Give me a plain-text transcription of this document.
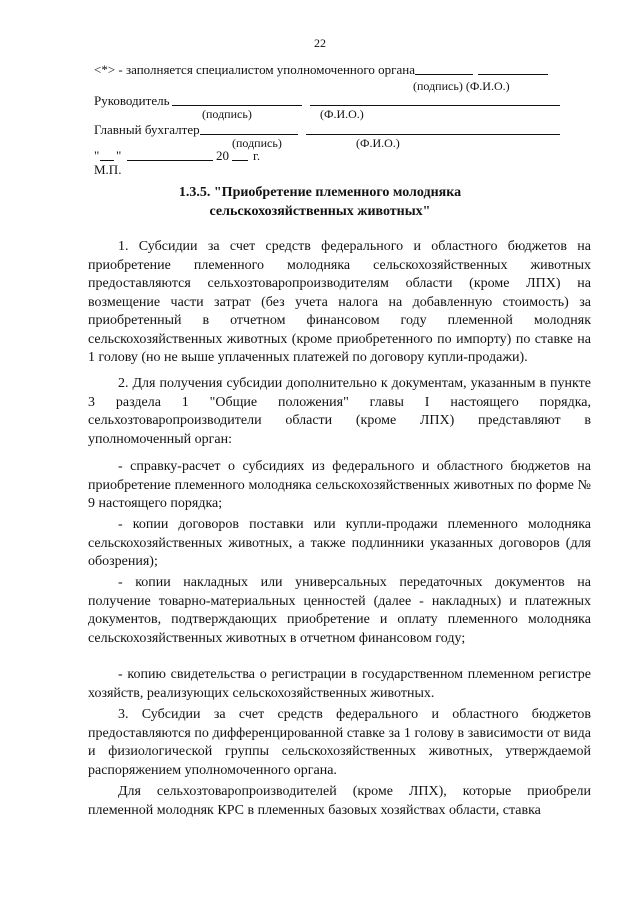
22
<*> - заполняется специалистом уполномоченного органа
(подпись) (Ф.И.О.)
Руководитель
(подпись)	(Ф.И.О.)
Главный бухгалтер
(подпись)	(Ф.И.О.)
" "	20 г.
М.П.
1.3.5. "Приобретение племенного молодняка
сельскохозяйственных животных"
1. Субсидии за счет средств федерального и областного бюджетов на приобретение племенного молодняка сельскохозяйственных животных предоставляются сельхозтоваропроизводителям области (кроме ЛПХ) на возмещение части затрат (без учета налога на добавленную стоимость) за приобретенный в отчетном финансовом году племенной молодняк сельскохозяйственных животных (кроме приобретенного по импорту) по ставке на 1 голову (но не выше уплаченных платежей по договору купли-продажи).
2. Для получения субсидии дополнительно к документам, указанным в пункте 3 раздела 1 "Общие положения" главы I настоящего порядка, сельхозтоваропроизводители области (кроме ЛПХ) представляют в уполномоченный орган:
- справку-расчет о субсидиях из федерального и областного бюджетов на приобретение племенного молодняка сельскохозяйственных животных по форме № 9 настоящего порядка;
- копии договоров поставки или купли-продажи племенного молодняка сельскохозяйственных животных, а также подлинники указанных договоров (для обозрения);
- копии накладных или универсальных передаточных документов на получение товарно-материальных ценностей (далее - накладных) и платежных документов, подтверждающих приобретение и оплату племенного молодняка сельскохозяйственных животных в отчетном финансовом году;
- копию свидетельства о регистрации в государственном племенном регистре хозяйств, реализующих сельскохозяйственных животных.
3. Субсидии за счет средств федерального и областного бюджетов предоставляются по дифференцированной ставке за 1 голову в зависимости от вида и физиологической группы сельскохозяйственных животных, утверждаемой распоряжением уполномоченного органа.
Для сельхозтоваропроизводителей (кроме ЛПХ), которые приобрели племенной молодняк КРС в племенных базовых хозяйствах области, ставка
